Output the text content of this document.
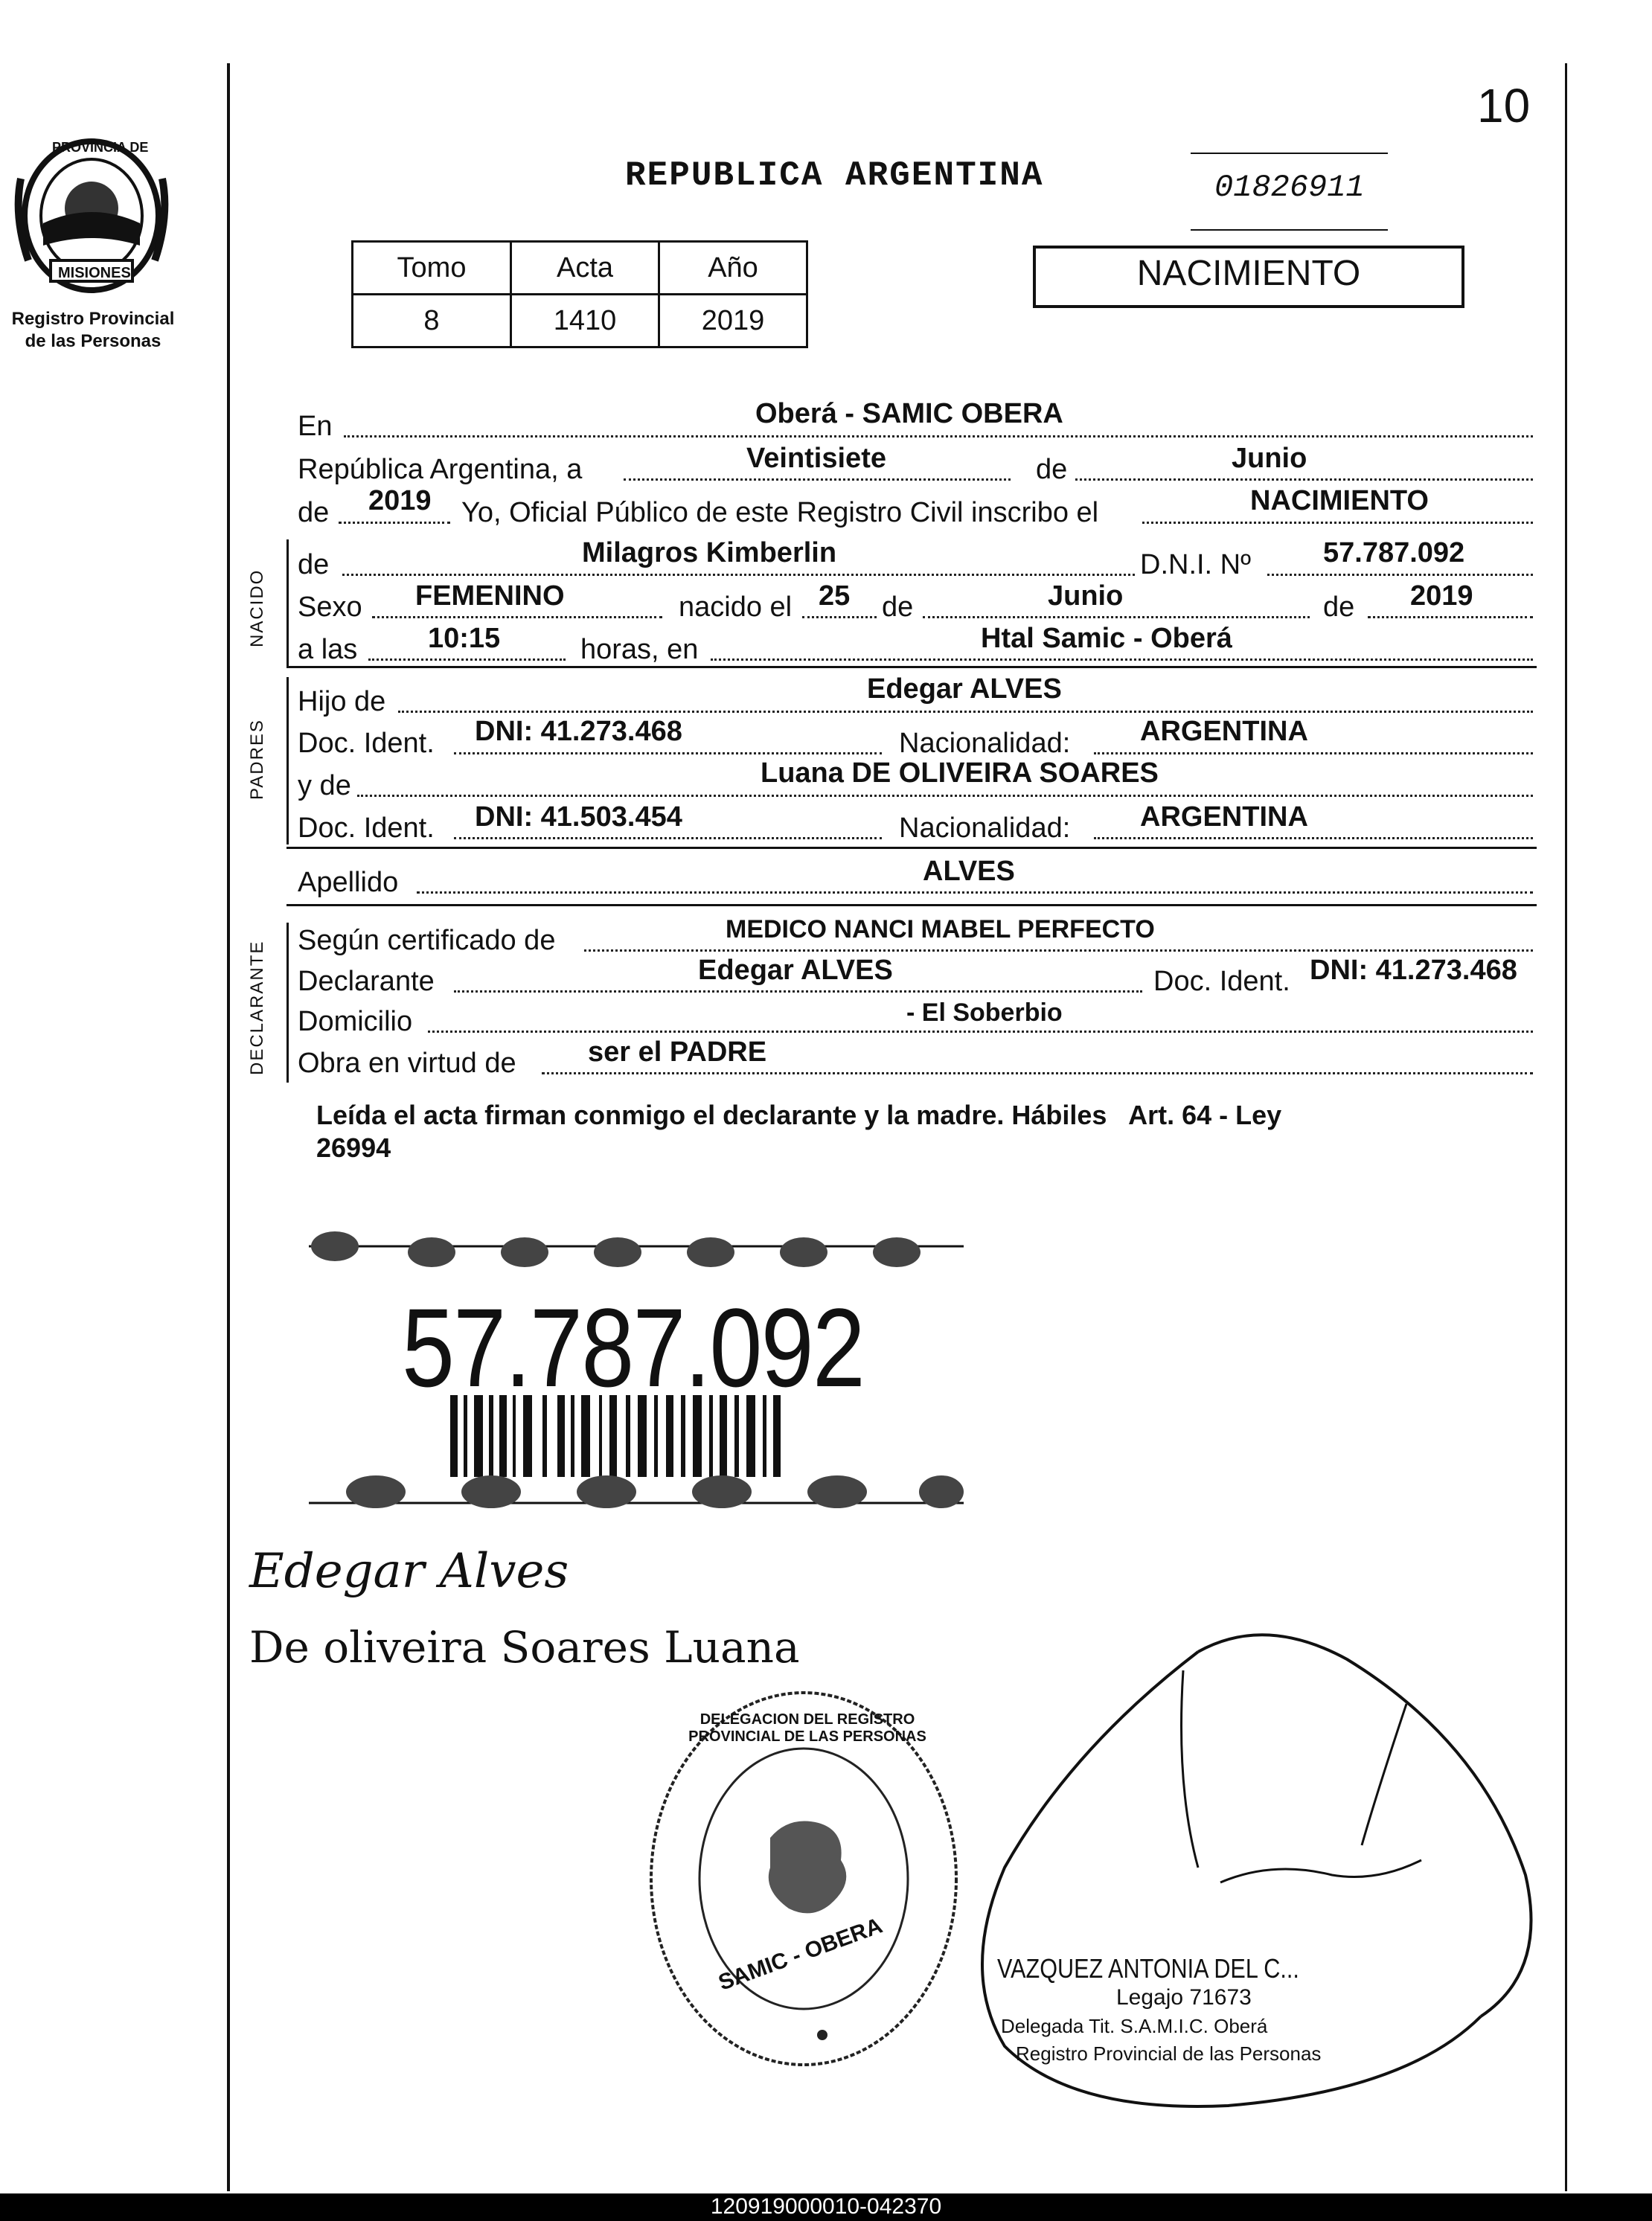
10
PROVINCIA DE
MISIONES
Registro Provincial
de las Personas
REPUBLICA ARGENTINA	01826911
NACIMIENTO
Tomo	Acta	Año
8	1410	2019
En	Oberá - SAMIC OBERA
República Argentina, a	Veintisiete	de	Junio
de 2019 Yo, Oficial Público de este Registro Civil inscribo el	NACIMIENTO
NACIDO
de	Milagros Kimberlin	D.N.I. Nº	57.787.092
Sexo FEMENINO	nacido el 25 de	Junio	de 2019
a las 10:15	horas, en	Htal Samic - Oberá
PADRES
Hijo de	Edegar ALVES
Doc. Ident. DNI: 41.273.468	Nacionalidad: ARGENTINA
y de	Luana DE OLIVEIRA SOARES
Doc. Ident. DNI: 41.503.454	Nacionalidad: ARGENTINA
Apellido	ALVES
DECLARANTE Según certificado de	MEDICO NANCI MABEL PERFECTO
Declarante	Edegar ALVES	Doc. Ident. DNI: 41.273.468
Domicilio	- El Soberbio
Obra en virtud de	ser el PADRE
Leída el acta firman conmigo el declarante y la madre. Hábiles   Art. 64 - Ley
26994
57.787.092
Edegar Alves
De oliveira Soares Luana
DELEGACION DEL REGISTRO PROVINCIAL DE LAS PERSONAS
SAMIC - OBERA	VAZQUEZ ANTONIA DEL C...
Legajo 71673
Delegada Tit. S.A.M.I.C. Oberá
Registro Provincial de las Personas
120919000010-042370
